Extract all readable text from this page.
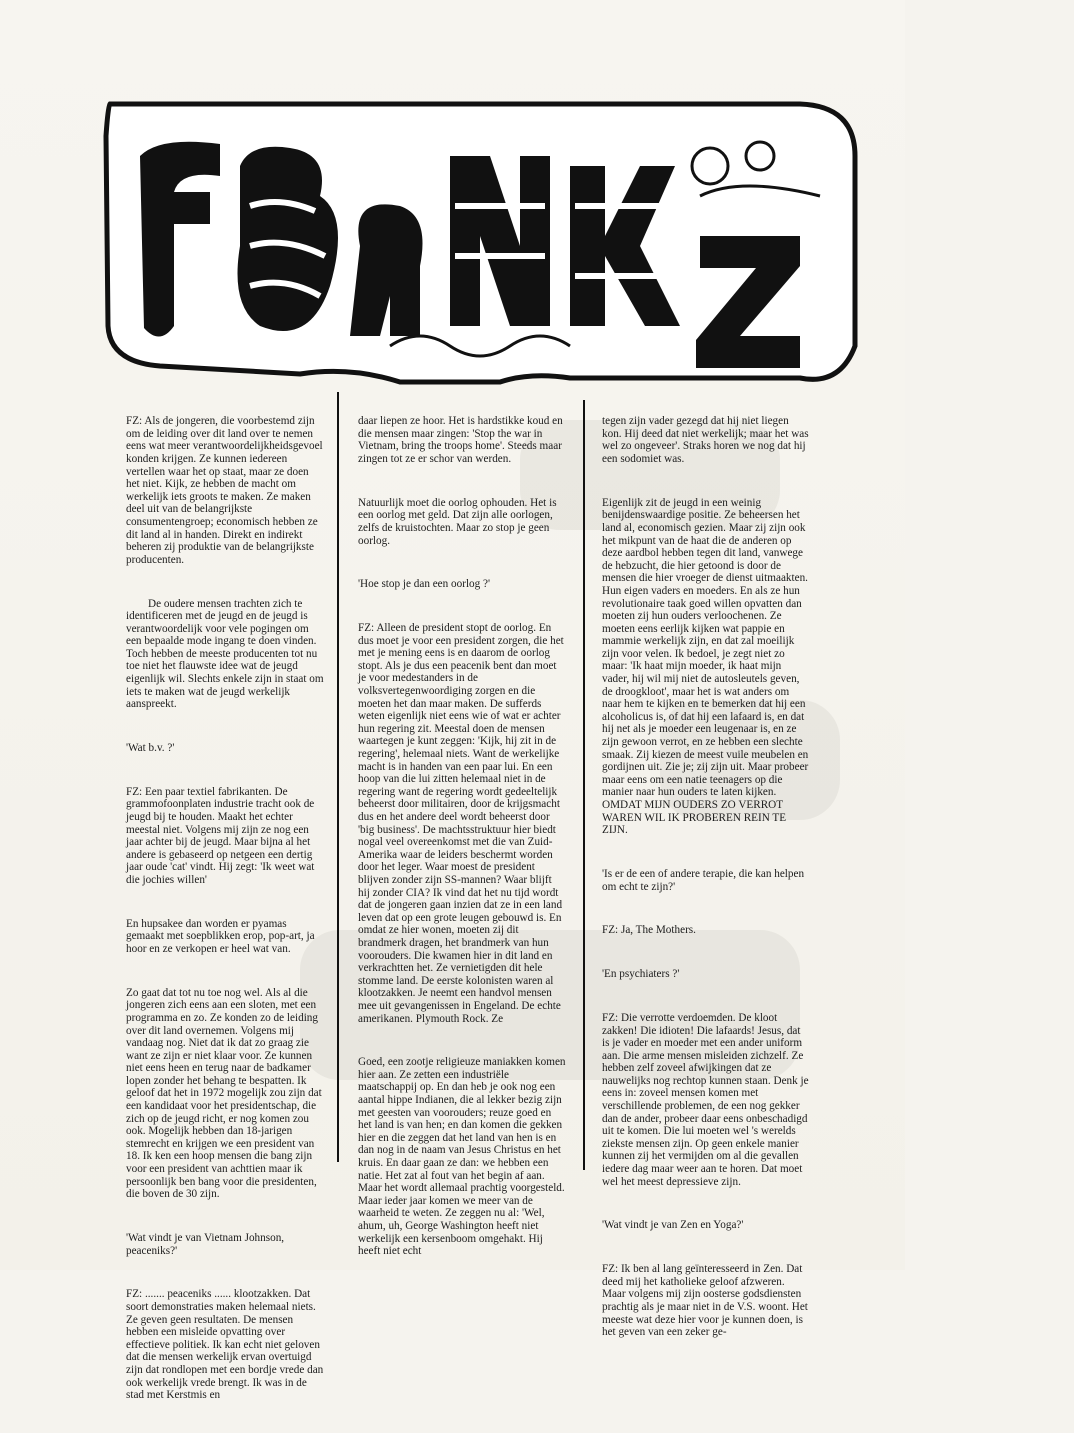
FZ: Als de jongeren, die voorbestemd zijn om de leiding over dit land over te nemen eens wat meer verantwoordelijkheidsgevoel konden krijgen. Ze kunnen iedereen vertellen waar het op staat, maar ze doen het niet. Kijk, ze hebben de macht om werkelijk iets groots te maken. Ze maken deel uit van de belangrijkste consumentengroep; economisch hebben ze dit land al in handen. Direkt en indirekt beheren zij produktie van de belangrijkste producenten.

De oudere mensen trachten zich te identificeren met de jeugd en de jeugd is verantwoordelijk voor vele pogingen om een bepaalde mode ingang te doen vinden. Toch hebben de meeste producenten tot nu toe niet het flauwste idee wat de jeugd eigenlijk wil. Slechts enkele zijn in staat om iets te maken wat de jeugd werkelijk aanspreekt.

'Wat b.v. ?'

FZ: Een paar textiel fabrikanten. De grammofoonplaten industrie tracht ook de jeugd bij te houden. Maakt het echter meestal niet. Volgens mij zijn ze nog een jaar achter bij de jeugd. Maar bijna al het andere is gebaseerd op netgeen een dertig jaar oude 'cat' vindt. Hij zegt: 'Ik weet wat die jochies willen'

En hupsakee dan worden er pyamas gemaakt met soepblikken erop, pop-art, ja hoor en ze verkopen er heel wat van.

Zo gaat dat tot nu toe nog wel. Als al die jongeren zich eens aan een sloten, met een programma en zo. Ze konden zo de leiding over dit land overnemen. Volgens mij vandaag nog. Niet dat ik dat zo graag zie want ze zijn er niet klaar voor. Ze kunnen niet eens heen en terug naar de badkamer lopen zonder het behang te bespatten. Ik geloof dat het in 1972 mogelijk zou zijn dat een kandidaat voor het presidentschap, die zich op de jeugd richt, er nog komen zou ook. Mogelijk hebben dan 18-jarigen stemrecht en krijgen we een president van 18. Ik ken een hoop mensen die bang zijn voor een president van achttien maar ik persoonlijk ben bang voor die presidenten, die boven de 30 zijn.

'Wat vindt je van Vietnam Johnson, peaceniks?'

FZ: ....... peaceniks ...... klootzakken. Dat soort demonstraties maken helemaal niets. Ze geven geen resultaten. De mensen hebben een misleide opvatting over effectieve politiek. Ik kan echt niet geloven dat die mensen werkelijk ervan overtuigd zijn dat rondlopen met een bordje vrede dan ook werkelijk vrede brengt. Ik was in de stad met Kerstmis en

daar liepen ze hoor. Het is hardstikke koud en die mensen maar zingen: 'Stop the war in Vietnam, bring the troops home'. Steeds maar zingen tot ze er schor van werden.

Natuurlijk moet die oorlog ophouden. Het is een oorlog met geld. Dat zijn alle oorlogen, zelfs de kruistochten. Maar zo stop je geen oorlog.

'Hoe stop je dan een oorlog ?'

FZ: Alleen de president stopt de oorlog. En dus moet je voor een president zorgen, die het met je mening eens is en daarom de oorlog stopt. Als je dus een peacenik bent dan moet je voor medestanders in de volksvertegenwoordiging zorgen en die moeten het dan maar maken. De sufferds weten eigenlijk niet eens wie of wat er achter hun regering zit. Meestal doen de mensen waartegen je kunt zeggen: 'Kijk, hij zit in de regering', helemaal niets. Want de werkelijke macht is in handen van een paar lui. En een hoop van die lui zitten helemaal niet in de regering want de regering wordt gedeeltelijk beheerst door militairen, door de krijgsmacht dus en het andere deel wordt beheerst door 'big business'. De machtsstruktuur hier biedt nogal veel overeenkomst met die van Zuid-Amerika waar de leiders beschermt worden door het leger. Waar moest de president blijven zonder zijn SS-mannen? Waar blijft hij zonder CIA? Ik vind dat het nu tijd wordt dat de jongeren gaan inzien dat ze in een land leven dat op een grote leugen gebouwd is. En omdat ze hier wonen, moeten zij dit brandmerk dragen, het brandmerk van hun voorouders. Die kwamen hier in dit land en verkrachtten het. Ze vernietigden dit hele stomme land. De eerste kolonisten waren al klootzakken. Je neemt een handvol mensen mee uit gevangenissen in Engeland. De echte amerikanen. Plymouth Rock. Ze

Goed, een zootje religieuze maniakken komen hier aan. Ze zetten een industriële maatschappij op. En dan heb je ook nog een aantal hippe Indianen, die al lekker bezig zijn met geesten van voorouders; reuze goed en het land is van hen; en dan komen die gekken hier en die zeggen dat het land van hen is en dan nog in de naam van Jesus Christus en het kruis. En daar gaan ze dan: we hebben een natie. Het zat al fout van het begin af aan. Maar het wordt allemaal prachtig voorgesteld. Maar ieder jaar komen we meer van de waarheid te weten. Ze zeggen nu al: 'Wel, ahum, uh, George Washington heeft niet werkelijk een kersenboom omgehakt. Hij heeft niet echt

tegen zijn vader gezegd dat hij niet liegen kon. Hij deed dat niet werkelijk; maar het was wel zo ongeveer'. Straks horen we nog dat hij een sodomiet was.

Eigenlijk zit de jeugd in een weinig benijdenswaardige positie. Ze beheersen het land al, economisch gezien. Maar zij zijn ook het mikpunt van de haat die de anderen op deze aardbol hebben tegen dit land, vanwege de hebzucht, die hier getoond is door de mensen die hier vroeger de dienst uitmaakten. Hun eigen vaders en moeders. En als ze hun revolutionaire taak goed willen opvatten dan moeten zij hun ouders verloochenen. Ze moeten eens eerlijk kijken wat pappie en mammie werkelijk zijn, en dat zal moeilijk zijn voor velen. Ik bedoel, je zegt niet zo maar: 'Ik haat mijn moeder, ik haat mijn vader, hij wil mij niet de autosleutels geven, de droogkloot', maar het is wat anders om naar hem te kijken en te bemerken dat hij een alcoholicus is, of dat hij een lafaard is, en dat hij net als je moeder een leugenaar is, en ze zijn gewoon verrot, en ze hebben een slechte smaak. Zij kiezen de meest vuile meubelen en gordijnen uit. Zie je; zij zijn uit. Maar probeer maar eens om een natie teenagers op die manier naar hun ouders te laten kijken. OMDAT MIJN OUDERS ZO VERROT WAREN WIL IK PROBEREN REIN TE ZIJN.

'Is er de een of andere terapie, die kan helpen om echt te zijn?'

FZ: Ja, The Mothers.

'En psychiaters ?'

FZ: Die verrotte verdoemden. De kloot zakken! Die idioten! Die lafaards! Jesus, dat is je vader en moeder met een ander uniform aan. Die arme mensen misleiden zichzelf. Ze hebben zelf zoveel afwijkingen dat ze nauwelijks nog rechtop kunnen staan. Denk je eens in: zoveel mensen komen met verschillende problemen, de een nog gekker dan de ander, probeer daar eens onbeschadigd uit te komen. Die lui moeten wel 's werelds ziekste mensen zijn. Op geen enkele manier kunnen zij het vermijden om al die gevallen iedere dag maar weer aan te horen. Dat moet wel het meest depressieve zijn.

'Wat vindt je van Zen en Yoga?'

FZ: Ik ben al lang geïnteresseerd in Zen. Dat deed mij het katholieke geloof afzweren. Maar volgens mij zijn oosterse godsdiensten prachtig als je maar niet in de V.S. woont. Het meeste wat deze hier voor je kunnen doen, is het geven van een zeker ge-
